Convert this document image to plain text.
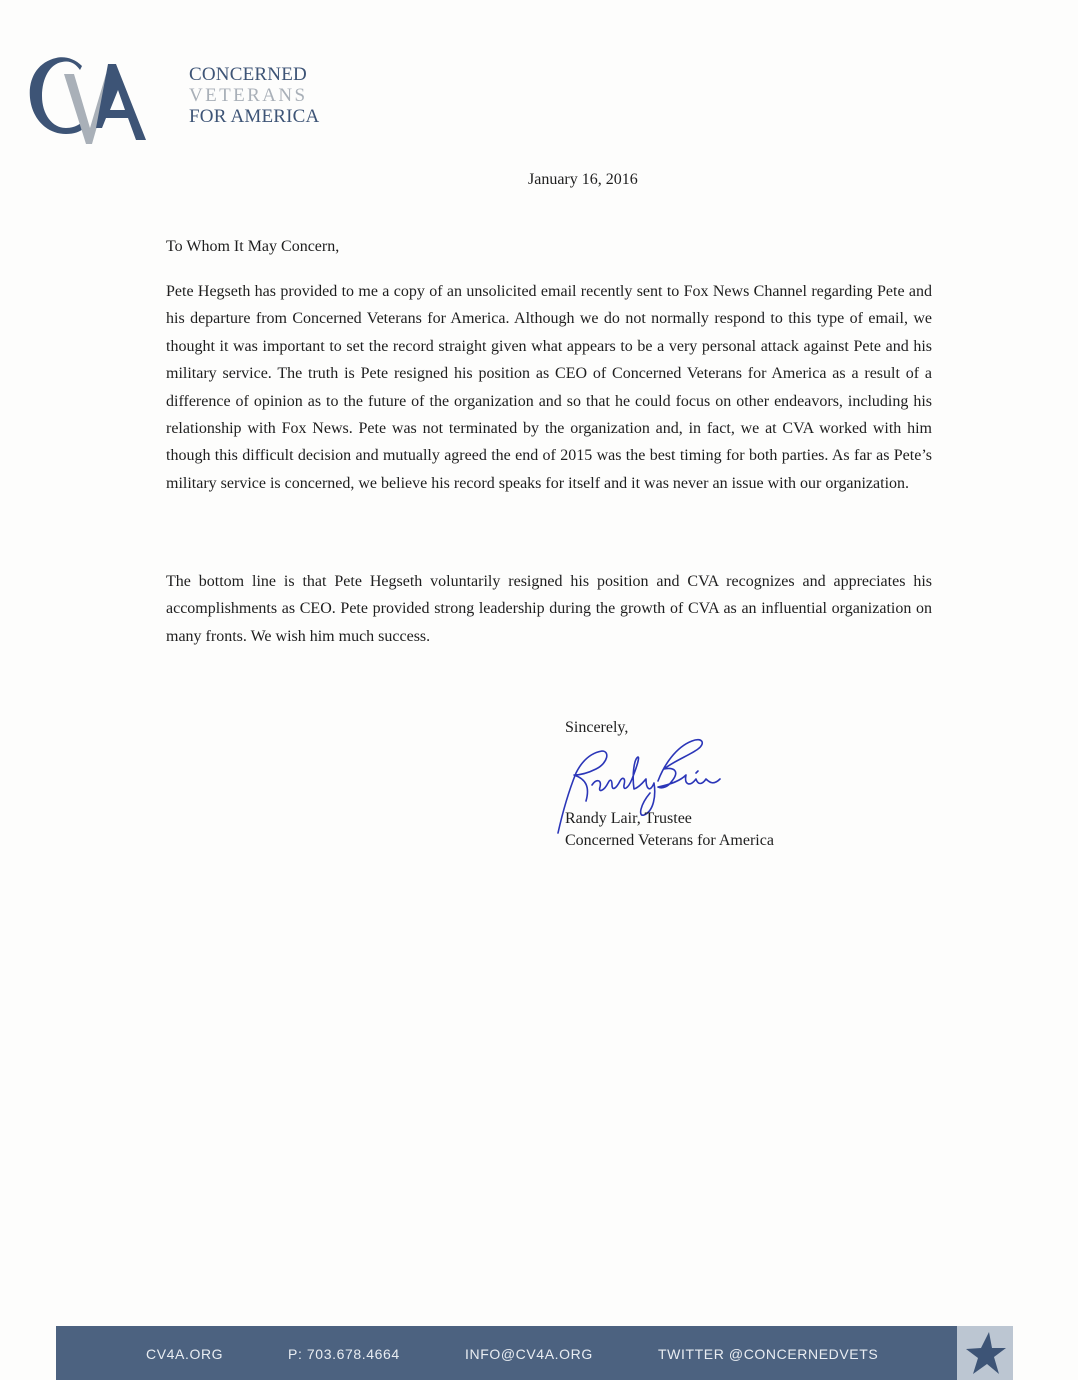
CONCERNED
VETERANS
FOR AMERICA
January 16, 2016
To Whom It May Concern,

Pete Hegseth has provided to me a copy of an unsolicited email recently sent to Fox News Channel regarding Pete and his departure from Concerned Veterans for America. Although we do not normally respond to this type of email, we thought it was important to set the record straight given what appears to be a very personal attack against Pete and his military service. The truth is Pete resigned his position as CEO of Concerned Veterans for America as a result of a difference of opinion as to the future of the organization and so that he could focus on other endeavors, including his relationship with Fox News. Pete was not terminated by the organization and, in fact, we at CVA worked with him though this difficult decision and mutually agreed the end of 2015 was the best timing for both parties. As far as Pete’s military service is concerned, we believe his record speaks for itself and it was never an issue with our organization.

The bottom line is that Pete Hegseth voluntarily resigned his position and CVA recognizes and appreciates his accomplishments as CEO. Pete provided strong leadership during the growth of CVA as an influential organization on many fronts. We wish him much success.

Sincerely,
Randy Lair, Trustee
Concerned Veterans for America
CV4A.ORG	P: 703.678.4664	INFO@CV4A.ORG	TWITTER @CONCERNEDVETS
